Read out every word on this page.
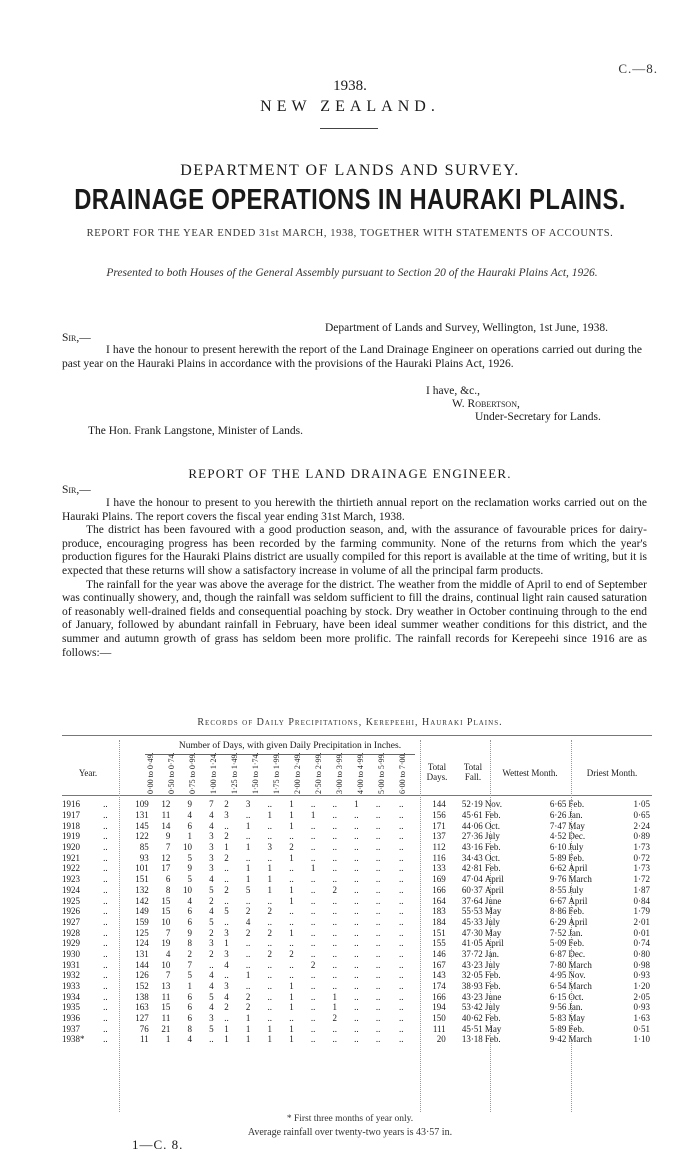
C.—8.
1938.
NEW ZEALAND.
DEPARTMENT OF LANDS AND SURVEY.
DRAINAGE OPERATIONS IN HAURAKI PLAINS.
REPORT FOR THE YEAR ENDED 31st MARCH, 1938, TOGETHER WITH STATEMENTS OF ACCOUNTS.
Presented to both Houses of the General Assembly pursuant to Section 20 of the Hauraki Plains Act, 1926.
Department of Lands and Survey, Wellington, 1st June, 1938.
Sir,—
I have the honour to present herewith the report of the Land Drainage Engineer on operations carried out during the past year on the Hauraki Plains in accordance with the provisions of the Hauraki Plains Act, 1926.
I have, &c.,
W. Robertson,
Under-Secretary for Lands.
The Hon. Frank Langstone, Minister of Lands.
REPORT OF THE LAND DRAINAGE ENGINEER.
Sir,—
I have the honour to present to you herewith the thirtieth annual report on the reclamation works carried out on the Hauraki Plains. The report covers the fiscal year ending 31st March, 1938.
The district has been favoured with a good production season, and, with the assurance of favourable prices for dairy-produce, encouraging progress has been recorded by the farming community. None of the returns from which the year's production figures for the Hauraki Plains district are usually compiled for this report is available at the time of writing, but it is expected that these returns will show a satisfactory increase in volume of all the principal farm products.
The rainfall for the year was above the average for the district. The weather from the middle of April to end of September was continually showery, and, though the rainfall was seldom sufficient to fill the drains, continual light rain caused saturation of reasonably well-drained fields and consequential poaching by stock. Dry weather in October continuing through to the end of January, followed by abundant rainfall in February, have been ideal summer weather conditions for this district, and the summer and autumn growth of grass has seldom been more prolific. The rainfall records for Kerepeehi since 1916 are as follows:—
Records of Daily Precipitations, Kerepeehi, Hauraki Plains.
Number of Days, with given Daily Precipitation in Inches.
Year.	0·00 to 0·49. 0·50 to 0·74. 0·75 to 0·99. 1·00 to 1·24. 1·25 to 1·49. 1·50 to 1·74. 1·75 to 1·99. 2·00 to 2·49. 2·50 to 2·99. 3·00 to 3·99. 4·00 to 4·99. 5·00 to 5·99. 6·00 to 7·00.	Total Days.
Total Fall.	Wettest Month.	Driest Month.
1916	..	109	12	9	7	2	3	..	1	..	..	1	..	..	144	52·19	Nov.	6·65	Feb.	1·05
1917	..	131	11	4	4	3	..	1	1	1	..	..	..	..	156	45·61	Feb.	6·26	Jan.	0·65
1918	..	145	14	6	4	..	1	..	1	..	..	..	..	..	171	44·06	Oct.	7·47	May	2·24
1919	..	122	9	1	3	2	..	..	..	..	..	..	..	..	137	27·36	July	4·52	Dec.	0·89
1920	..	85	7	10	3	1	1	3	2	..	..	..	..	..	112	43·16	Feb.	6·10	July	1·73
1921	..	93	12	5	3	2	..	..	1	..	..	..	..	..	116	34·43	Oct.	5·89	Feb.	0·72
1922	..	101	17	9	3	..	1	1	..	1	..	..	..	..	133	42·81	Feb.	6·62	April	1·73
1923	..	151	6	5	4	..	1	1	..	..	..	..	..	..	169	47·04	April	9·76	March	1·72
1924	..	132	8	10	5	2	5	1	1	..	2	..	..	..	166	60·37	April	8·55	July	1·87
1925	..	142	15	4	2	..	..	..	1	..	..	..	..	..	164	37·64	June	6·67	April	0·84
1926	..	149	15	6	4	5	2	2	..	..	..	..	..	..	183	55·53	May	8·86	Feb.	1·79
1927	..	159	10	6	5	..	4	..	..	..	..	..	..	..	184	45·33	July	6·29	April	2·01
1928	..	125	7	9	2	3	2	2	1	..	..	..	..	..	151	47·30	May	7·52	Jan.	0·01
1929	..	124	19	8	3	1	..	..	..	..	..	..	..	..	155	41·05	April	5·09	Feb.	0·74
1930	..	131	4	2	2	3	..	2	2	..	..	..	..	..	146	37·72	Jan.	6·87	Dec.	0·80
1931	..	144	10	7	..	4	..	..	..	2	..	..	..	..	167	43·23	July	7·80	March	0·98
1932	..	126	7	5	4	..	1	..	..	..	..	..	..	..	143	32·05	Feb.	4·95	Nov.	0·93
1933	..	152	13	1	4	3	..	..	1	..	..	..	..	..	174	38·93	Feb.	6·54	March	1·20
1934	..	138	11	6	5	4	2	..	1	..	1	..	..	..	166	43·23	June	6·15	Oct.	2·05
1935	..	163	15	6	4	2	2	..	1	..	1	..	..	..	194	53·42	July	9·56	Jan.	0·93
1936	..	127	11	6	3	..	1	..	..	..	2	..	..	..	150	40·62	Feb.	5·83	May	1·63
1937	..	76	21	8	5	1	1	1	1	..	..	..	..	..	111	45·51	May	5·89	Feb.	0·51
1938*	..	11	1	4	..	1	1	1	1	..	..	..	..	..	20	13·18	Feb.	9·42	March	1·10
* First three months of year only.
Average rainfall over twenty-two years is 43·57 in.
1—C. 8.
